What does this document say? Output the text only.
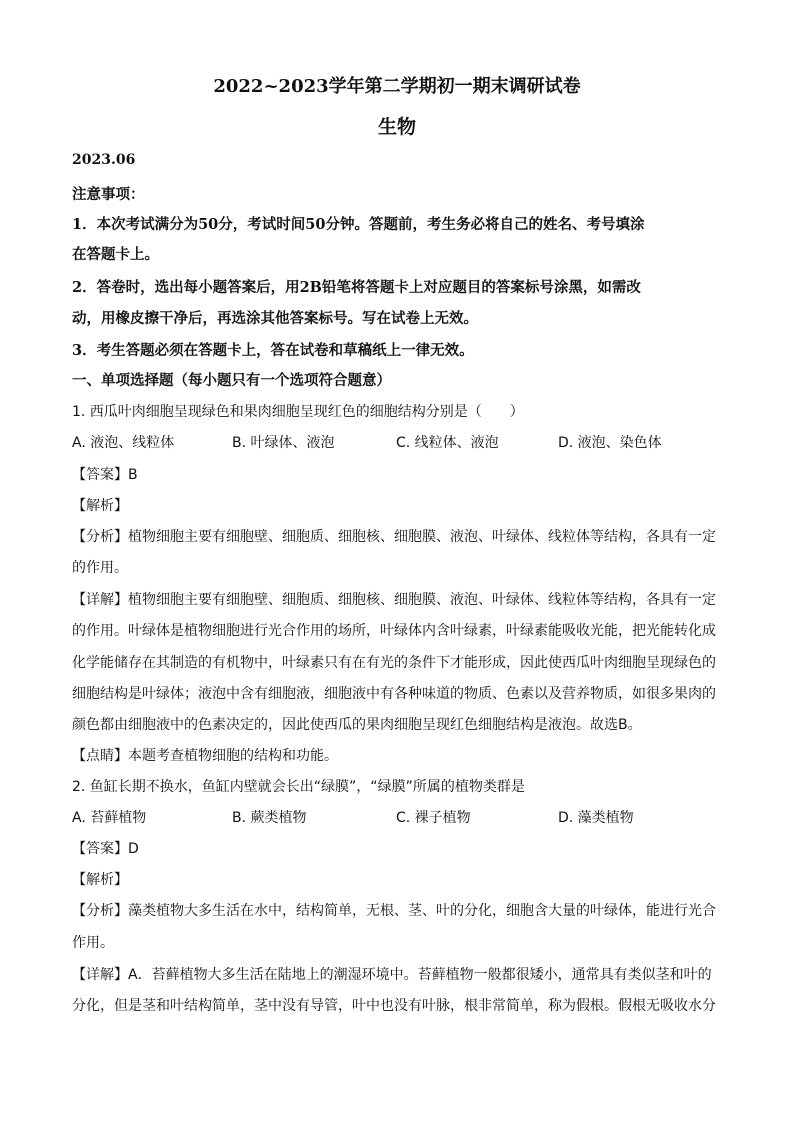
2022~2023学年第二学期初一期末调研试卷
生物
2023.06
注意事项：
1．本次考试满分为50分，考试时间50分钟。答题前，考生务必将自己的姓名、考号填涂
在答题卡上。
2．答卷时，选出每小题答案后，用2B铅笔将答题卡上对应题目的答案标号涂黑，如需改
动，用橡皮擦干净后，再选涂其他答案标号。写在试卷上无效。
3．考生答题必须在答题卡上，答在试卷和草稿纸上一律无效。
一、单项选择题（每小题只有一个选项符合题意）
1. 西瓜叶肉细胞呈现绿色和果肉细胞呈现红色的细胞结构分别是（　　）
A. 液泡、线粒体	B. 叶绿体、液泡	C. 线粒体、液泡	D. 液泡、染色体
【答案】B
【解析】
【分析】植物细胞主要有细胞壁、细胞质、细胞核、细胞膜、液泡、叶绿体、线粒体等结构，各具有一定
的作用。
【详解】植物细胞主要有细胞壁、细胞质、细胞核、细胞膜、液泡、叶绿体、线粒体等结构，各具有一定
的作用。叶绿体是植物细胞进行光合作用的场所，叶绿体内含叶绿素，叶绿素能吸收光能，把光能转化成
化学能储存在其制造的有机物中，叶绿素只有在有光的条件下才能形成，因此使西瓜叶肉细胞呈现绿色的
细胞结构是叶绿体；液泡中含有细胞液，细胞液中有各种味道的物质、色素以及营养物质，如很多果肉的
颜色都由细胞液中的色素决定的，因此使西瓜的果肉细胞呈现红色细胞结构是液泡。故选B。
【点睛】本题考查植物细胞的结构和功能。
2. 鱼缸长期不换水，鱼缸内壁就会长出“绿膜”，“绿膜”所属的植物类群是
A. 苔藓植物	B. 蕨类植物	C. 裸子植物	D. 藻类植物
【答案】D
【解析】
【分析】藻类植物大多生活在水中，结构简单，无根、茎、叶的分化，细胞含大量的叶绿体，能进行光合
作用。
【详解】A．苔藓植物大多生活在陆地上的潮湿环境中。苔藓植物一般都很矮小，通常具有类似茎和叶的
分化，但是茎和叶结构简单，茎中没有导管，叶中也没有叶脉，根非常简单，称为假根。假根无吸收水分
